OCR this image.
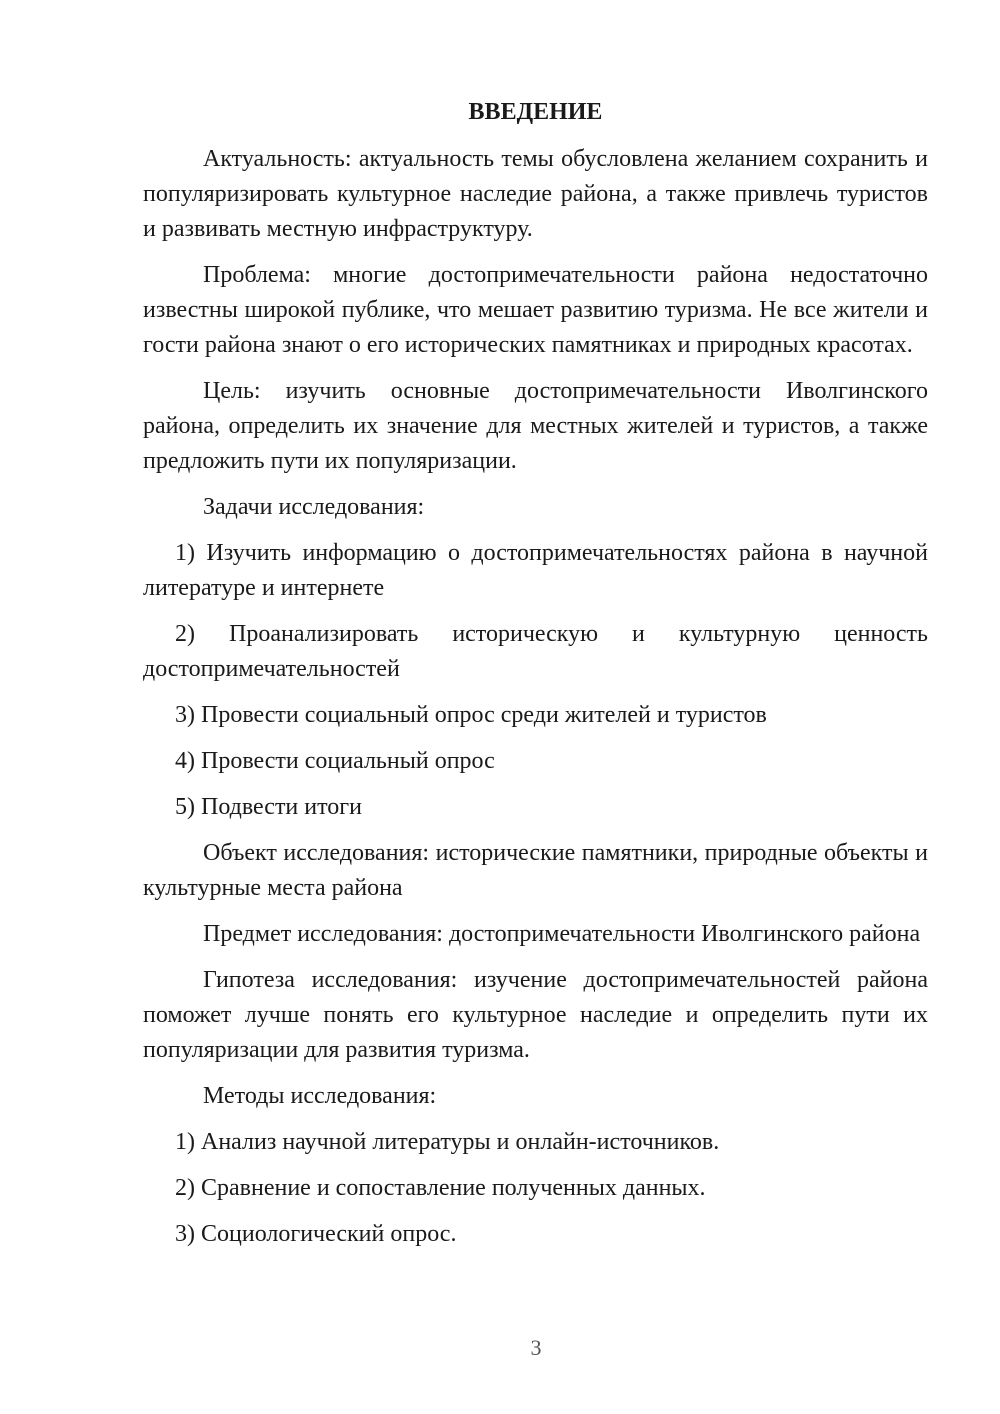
ВВЕДЕНИЕ

Актуальность: актуальность темы обусловлена желанием сохранить и популяризировать культурное наследие района, а также привлечь туристов и развивать местную инфраструктуру.

Проблема: многие достопримечательности района недостаточно известны широкой публике, что мешает развитию туризма. Не все жители и гости района знают о его исторических памятниках и природных красотах.

Цель: изучить основные достопримечательности Иволгинского района, определить их значение для местных жителей и туристов, а также предложить пути их популяризации.

Задачи исследования:

1) Изучить информацию о достопримечательностях района в научной литературе и интернете

2) Проанализировать историческую и культурную ценность достопримечательностей

3) Провести социальный опрос среди жителей и туристов

4) Провести социальный опрос

5) Подвести итоги

Объект исследования: исторические памятники, природные объекты и культурные места района

Предмет исследования: достопримечательности Иволгинского района

Гипотеза исследования: изучение достопримечательностей района поможет лучше понять его культурное наследие и определить пути их популяризации для развития туризма.

Методы исследования:

1) Анализ научной литературы и онлайн-источников.

2) Сравнение и сопоставление полученных данных.

3) Социологический опрос.

3
